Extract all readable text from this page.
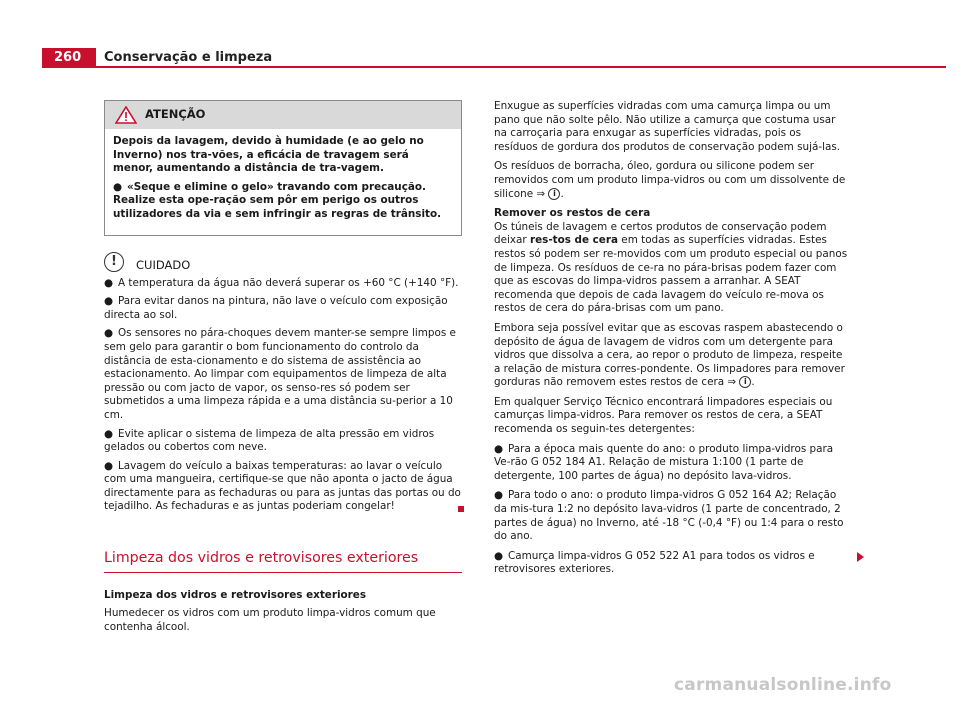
260	Conservação e limpeza
ATENÇÃO

Depois da lavagem, devido à humidade (e ao gelo no Inverno) nos tra-vões, a eficácia de travagem será menor, aumentando a distância de tra-vagem.

● «Seque e elimine o gelo» travando com precaução. Realize esta ope-ração sem pôr em perigo os outros utilizadores da via e sem infringir as regras de trânsito.

!	CUIDADO

● A temperatura da água não deverá superar os +60 °C (+140 °F).

● Para evitar danos na pintura, não lave o veículo com exposição directa ao sol.

● Os sensores no pára-choques devem manter-se sempre limpos e sem gelo para garantir o bom funcionamento do controlo da distância de esta-cionamento e do sistema de assistência ao estacionamento. Ao limpar com equipamentos de limpeza de alta pressão ou com jacto de vapor, os senso-res só podem ser submetidos a uma limpeza rápida e a uma distância su-perior a 10 cm.

● Evite aplicar o sistema de limpeza de alta pressão em vidros gelados ou cobertos com neve.

● Lavagem do veículo a baixas temperaturas: ao lavar o veículo com uma mangueira, certifique-se que não aponta o jacto de água directamente para as fechaduras ou para as juntas das portas ou do tejadilho. As fechaduras e as juntas poderiam congelar!

Limpeza dos vidros e retrovisores exteriores
Limpeza dos vidros e retrovisores exteriores

Humedecer os vidros com um produto limpa-vidros comum que contenha álcool.

Enxugue as superfícies vidradas com uma camurça limpa ou um pano que não solte pêlo. Não utilize a camurça que costuma usar na carroçaria para enxugar as superfícies vidradas, pois os resíduos de gordura dos produtos de conservação podem sujá-las.

Os resíduos de borracha, óleo, gordura ou silicone podem ser removidos com um produto limpa-vidros ou com um dissolvente de silicone ⇒ i .

Remover os restos de cera

Os túneis de lavagem e certos produtos de conservação podem deixar res-tos de cera em todas as superfícies vidradas. Estes restos só podem ser re-movidos com um produto especial ou panos de limpeza. Os resíduos de ce-ra no pára-brisas podem fazer com que as escovas do limpa-vidros passem a arranhar. A SEAT recomenda que depois de cada lavagem do veículo re-mova os restos de cera do pára-brisas com um pano.

Embora seja possível evitar que as escovas raspem abastecendo o depósito de água de lavagem de vidros com um detergente para vidros que dissolva a cera, ao repor o produto de limpeza, respeite a relação de mistura corres-pondente. Os limpadores para remover gorduras não removem estes restos de cera ⇒ i .

Em qualquer Serviço Técnico encontrará limpadores especiais ou camurças limpa-vidros. Para remover os restos de cera, a SEAT recomenda os seguin-tes detergentes:

● Para a época mais quente do ano: o produto limpa-vidros para Ve-rão G 052 184 A1. Relação de mistura 1:100 (1 parte de detergente, 100 partes de água) no depósito lava-vidros.

● Para todo o ano: o produto limpa-vidros G 052 164 A2; Relação da mis-tura 1:2 no depósito lava-vidros (1 parte de concentrado, 2 partes de água) no Inverno, até -18 °C (-0,4 °F) ou 1:4 para o resto do ano.

● Camurça limpa-vidros G 052 522 A1 para todos os vidros e retrovisores exteriores.

carmanualsonline.info
